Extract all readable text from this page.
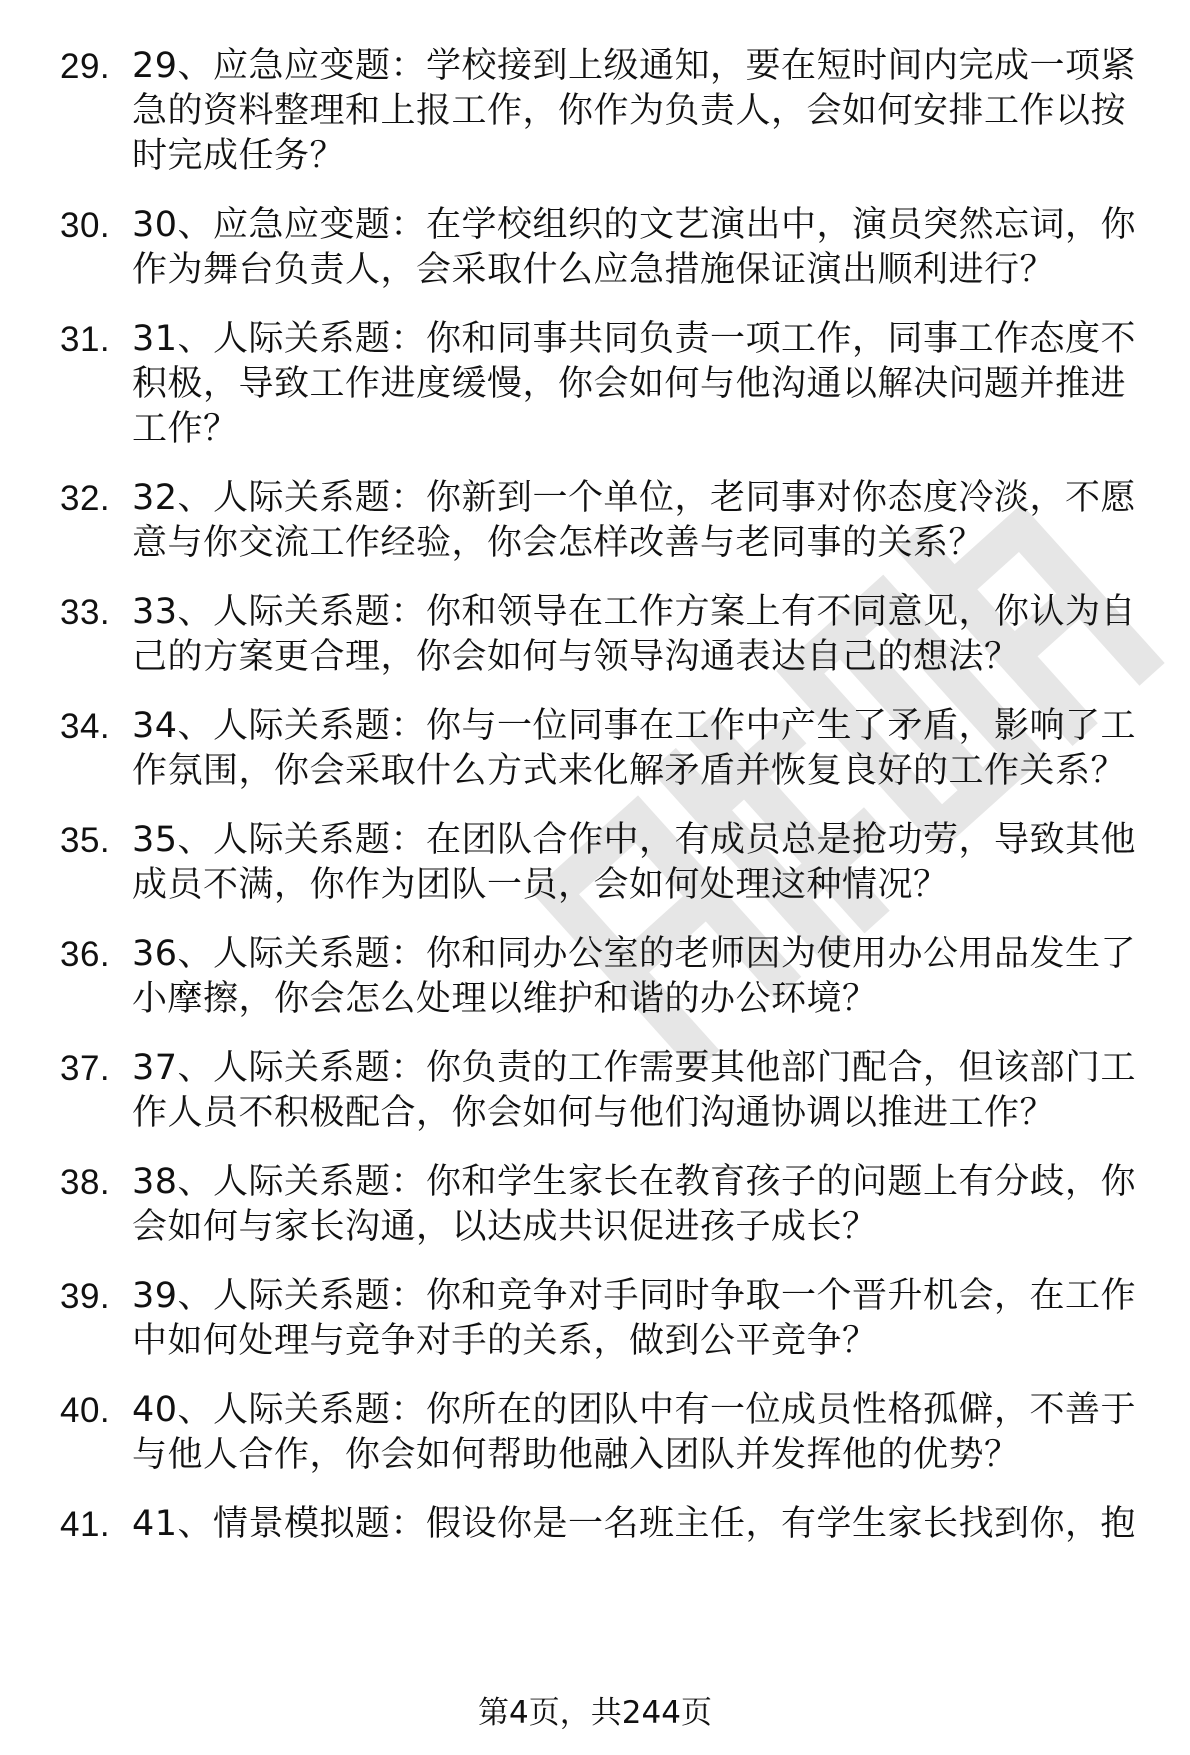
29. 29、应急应变题：学校接到上级通知，要在短时间内完成一项紧急的资料整理和上报工作，你作为负责人，会如何安排工作以按时完成任务？
30. 30、应急应变题：在学校组织的文艺演出中，演员突然忘词，你作为舞台负责人，会采取什么应急措施保证演出顺利进行？
31. 31、人际关系题：你和同事共同负责一项工作，同事工作态度不积极，导致工作进度缓慢，你会如何与他沟通以解决问题并推进工作？
32. 32、人际关系题：你新到一个单位，老同事对你态度冷淡，不愿意与你交流工作经验，你会怎样改善与老同事的关系？
33. 33、人际关系题：你和领导在工作方案上有不同意见，你认为自己的方案更合理，你会如何与领导沟通表达自己的想法？
34. 34、人际关系题：你与一位同事在工作中产生了矛盾，影响了工作氛围，你会采取什么方式来化解矛盾并恢复良好的工作关系？
35. 35、人际关系题：在团队合作中，有成员总是抢功劳，导致其他成员不满，你作为团队一员，会如何处理这种情况？
36. 36、人际关系题：你和同办公室的老师因为使用办公用品发生了小摩擦，你会怎么处理以维护和谐的办公环境？
37. 37、人际关系题：你负责的工作需要其他部门配合，但该部门工作人员不积极配合，你会如何与他们沟通协调以推进工作？
38. 38、人际关系题：你和学生家长在教育孩子的问题上有分歧，你会如何与家长沟通，以达成共识促进孩子成长？
39. 39、人际关系题：你和竞争对手同时争取一个晋升机会，在工作中如何处理与竞争对手的关系，做到公平竞争？
40. 40、人际关系题：你所在的团队中有一位成员性格孤僻，不善于与他人合作，你会如何帮助他融入团队并发挥他的优势？
41. 41、情景模拟题：假设你是一名班主任，有学生家长找到你，抱
第4页，共244页
